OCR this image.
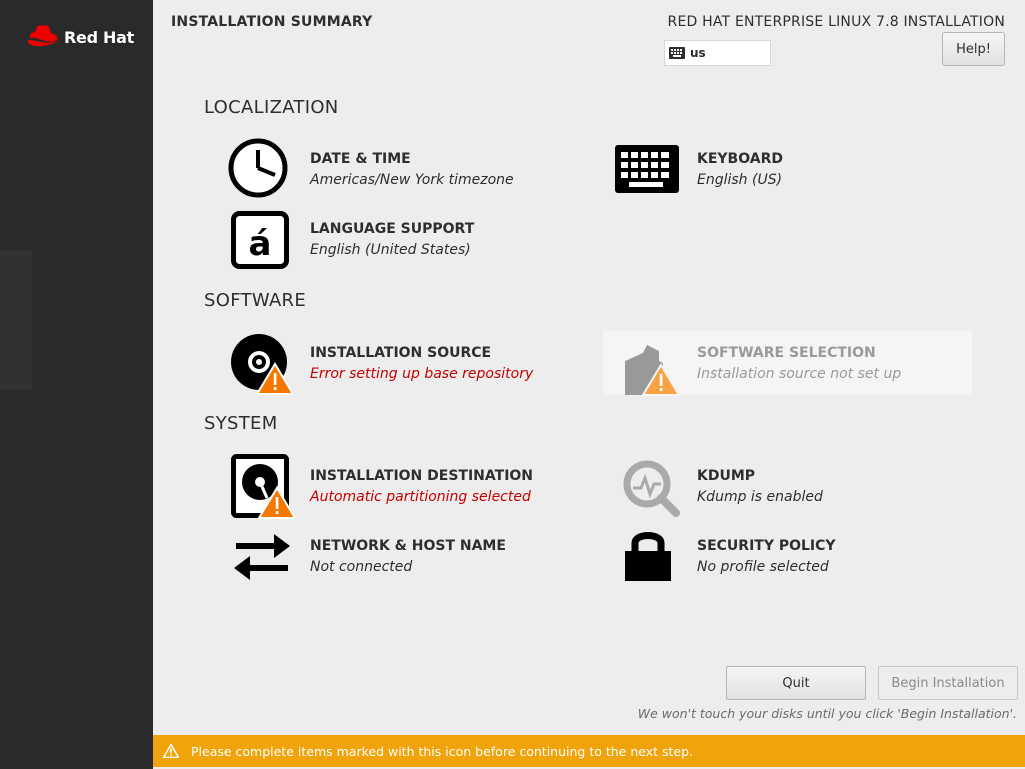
Red Hat
INSTALLATION SUMMARY	RED HAT ENTERPRISE LINUX 7.8 INSTALLATION
us	Help!
LOCALIZATION
SOFTWARE
SYSTEM
DATE & TIME
Americas/New York timezone
KEYBOARD
English (US)
á	LANGUAGE SUPPORT
English (United States)
INSTALLATION SOURCE
Error setting up base repository
SOFTWARE SELECTION
Installation source not set up
INSTALLATION DESTINATION
Automatic partitioning selected
KDUMP
Kdump is enabled
NETWORK & HOST NAME
Not connected
SECURITY POLICY
No profile selected
Quit	Begin Installation
We won't touch your disks until you click 'Begin Installation'.
Please complete items marked with this icon before continuing to the next step.
